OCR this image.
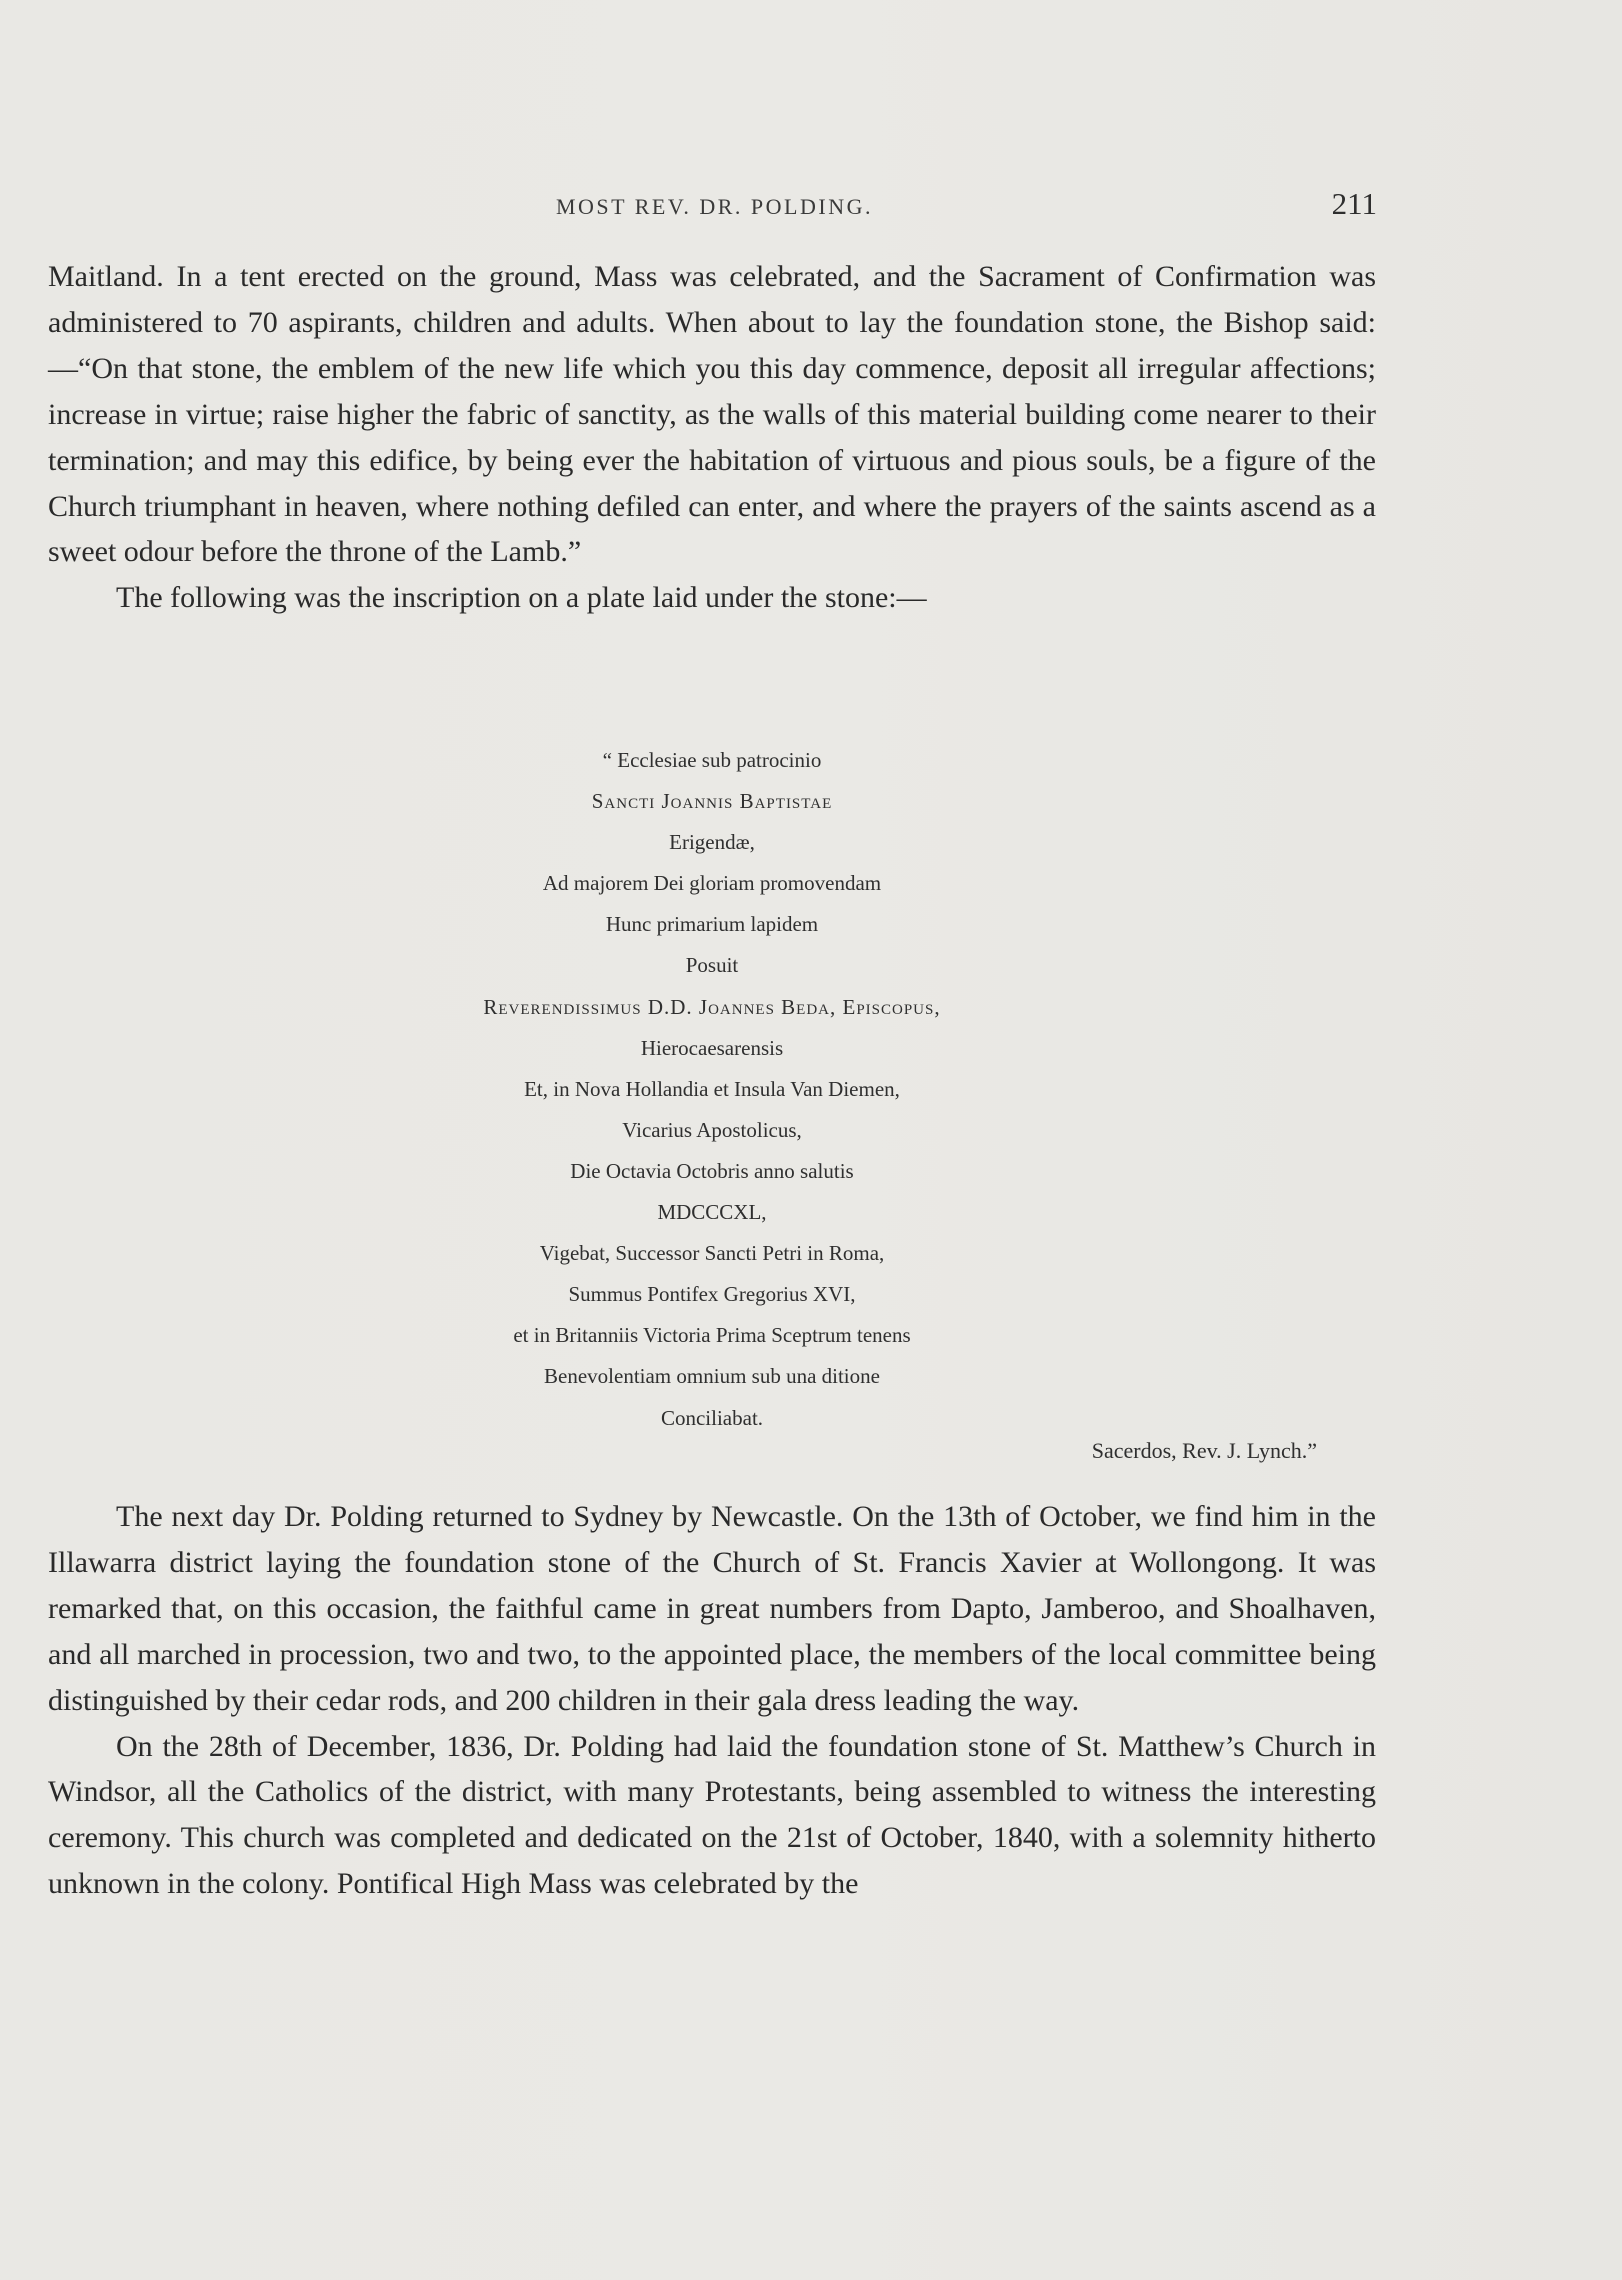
MOST REV. DR. POLDING.	211

Maitland. In a tent erected on the ground, Mass was celebrated, and the Sacrament of Confirmation was administered to 70 aspirants, children and adults. When about to lay the foundation stone, the Bishop said:—“On that stone, the emblem of the new life which you this day commence, deposit all irregular affections; increase in virtue; raise higher the fabric of sanctity, as the walls of this material building come nearer to their termination; and may this edifice, by being ever the habitation of virtuous and pious souls, be a figure of the Church triumphant in heaven, where nothing defiled can enter, and where the prayers of the saints ascend as a sweet odour before the throne of the Lamb.”

The following was the inscription on a plate laid under the stone:—

“ Ecclesiae sub patrocinio
Sancti Joannis Baptistae
Erigendæ,
Ad majorem Dei gloriam promovendam
Hunc primarium lapidem
Posuit
Reverendissimus D.D. Joannes Beda, Episcopus,
Hierocaesarensis
Et, in Nova Hollandia et Insula Van Diemen,
Vicarius Apostolicus,
Die Octavia Octobris anno salutis
MDCCCXL,
Vigebat, Successor Sancti Petri in Roma,
Summus Pontifex Gregorius XVI,
et in Britanniis Victoria Prima Sceptrum tenens
Benevolentiam omnium sub una ditione
Conciliabat.
Sacerdos, Rev. J. Lynch.”

The next day Dr. Polding returned to Sydney by Newcastle. On the 13th of October, we find him in the Illawarra district laying the foundation stone of the Church of St. Francis Xavier at Wollongong. It was remarked that, on this occasion, the faithful came in great numbers from Dapto, Jamberoo, and Shoalhaven, and all marched in procession, two and two, to the appointed place, the members of the local committee being distinguished by their cedar rods, and 200 children in their gala dress leading the way.

On the 28th of December, 1836, Dr. Polding had laid the foundation stone of St. Matthew’s Church in Windsor, all the Catholics of the district, with many Protestants, being assembled to witness the interesting ceremony. This church was completed and dedicated on the 21st of October, 1840, with a solemnity hitherto unknown in the colony. Pontifical High Mass was celebrated by the
